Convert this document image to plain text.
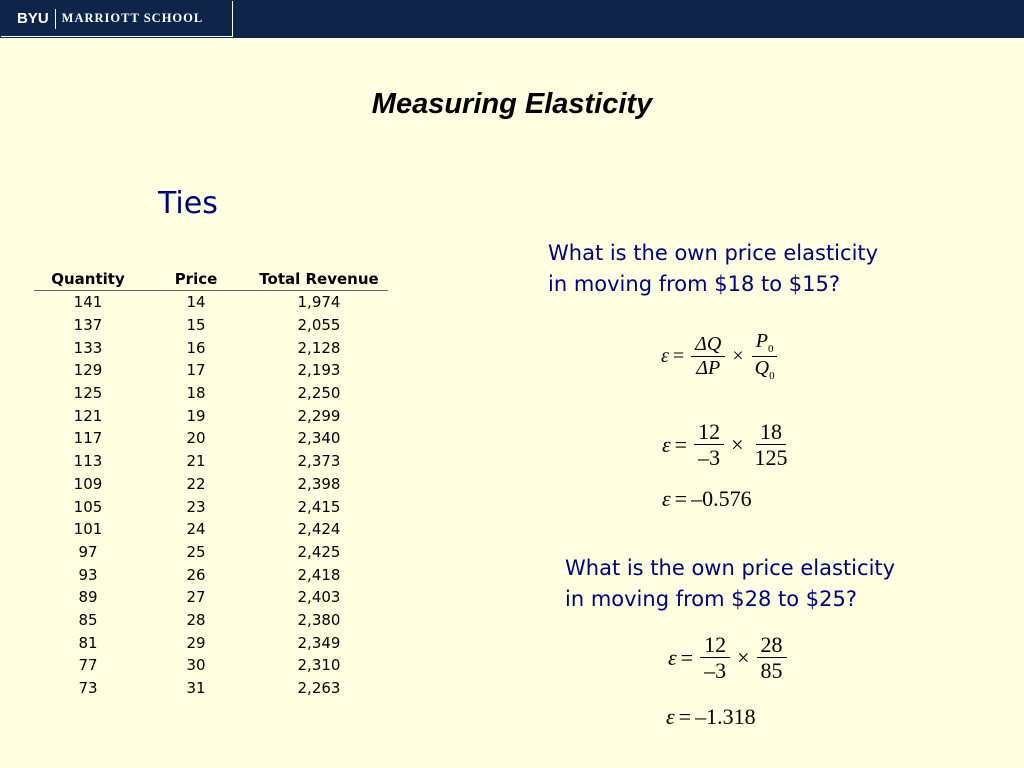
BYU MARRIOTT SCHOOL
Measuring Elasticity
Ties
Quantity	Price	Total Revenue
141	14	1,974
137	15	2,055
133	16	2,128
129	17	2,193
125	18	2,250
121	19	2,299
117	20	2,340
113	21	2,373
109	22	2,398
105	23	2,415
101	24	2,424
97	25	2,425
93	26	2,418
89	27	2,403
85	28	2,380
81	29	2,349
77	30	2,310
73	31	2,263
What is the own price elasticity
in moving from $18 to $15?
$\varepsilon = \frac{\Delta Q}{\Delta P} \times \frac{P_0}{Q_0}$
$\varepsilon = \frac{12}{-3} \times \frac{18}{125}$
ε = –0.576
What is the own price elasticity
in moving from $28 to $25?
$\varepsilon = \frac{12}{-3} \times \frac{28}{85}$
ε = –1.318
